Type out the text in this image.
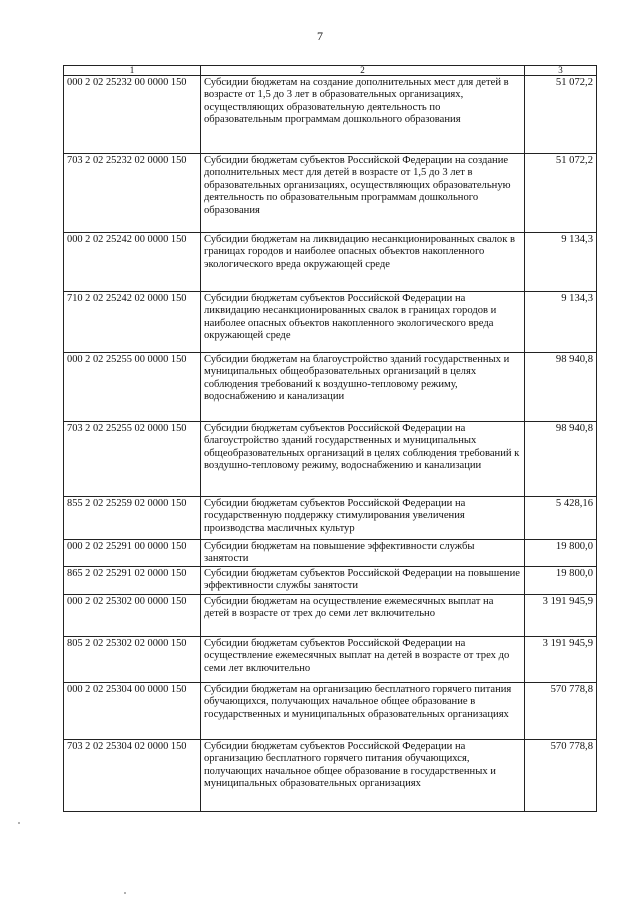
7
1	2	3
000 2 02 25232 00 0000 150	Субсидии бюджетам на создание дополнительных мест для детей в возрасте от 1,5 до 3 лет в образовательных организациях, осуществляющих образовательную деятельность по образовательным программам дошкольного образования	51 072,2
703 2 02 25232 02 0000 150	Субсидии бюджетам субъектов Российской Федерации на создание дополнительных мест для детей в возрасте от 1,5 до 3 лет в образовательных организациях, осуществляющих образовательную деятельность по образовательным программам дошкольного образования	51 072,2
000 2 02 25242 00 0000 150	Субсидии бюджетам на ликвидацию несанкционированных свалок в границах городов и наиболее опасных объектов накопленного экологического вреда окружающей среде	9 134,3
710 2 02 25242 02 0000 150	Субсидии бюджетам субъектов Российской Федерации на ликвидацию несанкционированных свалок в границах городов и наиболее опасных объектов накопленного экологического вреда окружающей среде	9 134,3
000 2 02 25255 00 0000 150	Субсидии бюджетам на благоустройство зданий государственных и муниципальных общеобразовательных организаций в целях соблюдения требований к воздушно-тепловому режиму, водоснабжению и канализации	98 940,8
703 2 02 25255 02 0000 150	Субсидии бюджетам субъектов Российской Федерации на благоустройство зданий государственных и муниципальных общеобразовательных организаций в целях соблюдения требований к воздушно-тепловому режиму, водоснабжению и канализации	98 940,8
855 2 02 25259 02 0000 150	Субсидии бюджетам субъектов Российской Федерации на государственную поддержку стимулирования увеличения производства масличных культур	5 428,16
000 2 02 25291 00 0000 150	Субсидии бюджетам на повышение эффективности службы занятости	19 800,0
865 2 02 25291 02 0000 150	Субсидии бюджетам субъектов Российской Федерации на повышение эффективности службы занятости	19 800,0
000 2 02 25302 00 0000 150	Субсидии бюджетам на осуществление ежемесячных выплат на детей в возрасте от трех до семи лет включительно	3 191 945,9
805 2 02 25302 02 0000 150	Субсидии бюджетам субъектов Российской Федерации на осуществление ежемесячных выплат на детей в возрасте от трех до семи лет включительно	3 191 945,9
000 2 02 25304 00 0000 150	Субсидии бюджетам на организацию бесплатного горячего питания обучающихся, получающих начальное общее образование в государственных и муниципальных образовательных организациях	570 778,8
703 2 02 25304 02 0000 150	Субсидии бюджетам субъектов Российской Федерации на организацию бесплатного горячего питания обучающихся, получающих начальное общее образование в государственных и муниципальных образовательных организациях	570 778,8
